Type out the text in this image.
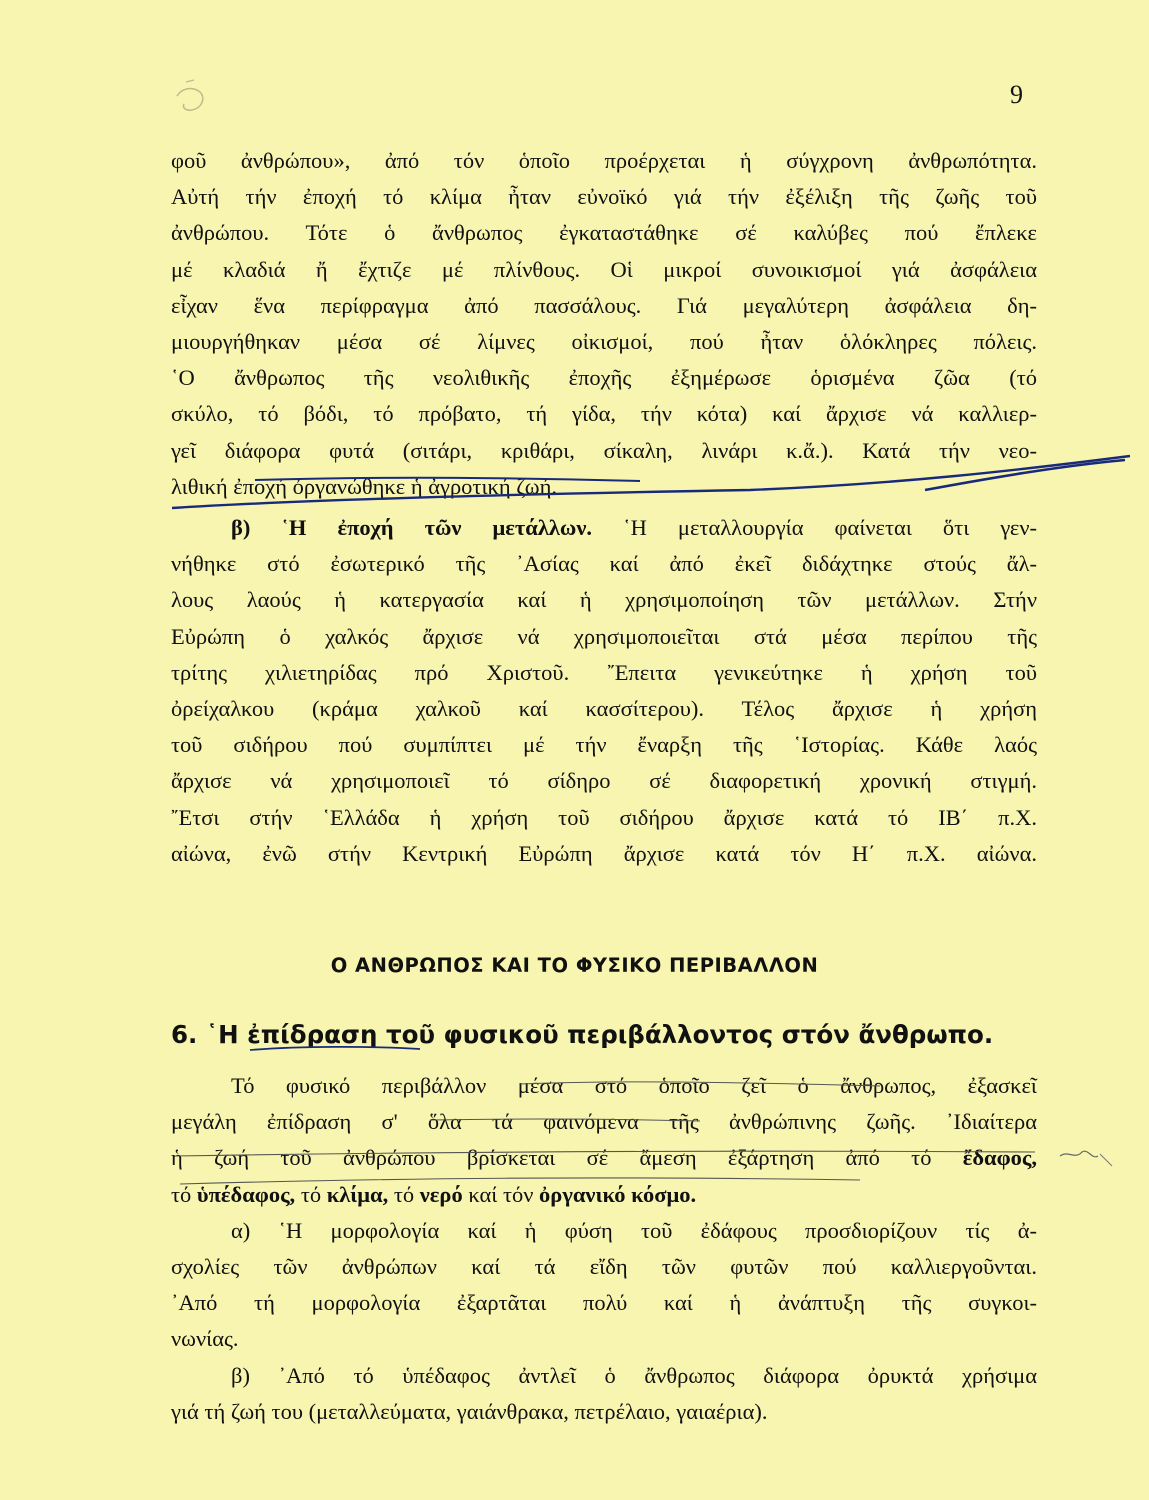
9
φοῦ ἀνθρώπου», ἀπό τόν ὁποῖο προέρχεται ἡ σύγχρονη ἀνθρωπότητα.
Αὐτή τήν ἐποχή τό κλίμα ἦταν εὐνοϊκό γιά τήν ἐξέλιξη τῆς ζωῆς τοῦ
ἀνθρώπου. Τότε ὁ ἄνθρωπος ἐγκαταστάθηκε σέ καλύβες πού ἔπλεκε
μέ κλαδιά ἤ ἔχτιζε μέ πλίνθους. Οἱ μικροί συνοικισμοί γιά ἀσφάλεια
εἶχαν ἕνα περίφραγμα ἀπό πασσάλους. Γιά μεγαλύτερη ἀσφάλεια δη-
μιουργήθηκαν μέσα σέ λίμνες οἰκισμοί, πού ἦταν ὁλόκληρες πόλεις.
῾Ο ἄνθρωπος τῆς νεολιθικῆς ἐποχῆς ἐξημέρωσε ὁρισμένα ζῶα (τό
σκύλο, τό βόδι, τό πρόβατο, τή γίδα, τήν κότα) καί ἄρχισε νά καλλιερ-
γεῖ διάφορα φυτά (σιτάρι, κριθάρι, σίκαλη, λινάρι κ.ἄ.). Κατά τήν νεο-
λιθική ἐποχή ὀργανώθηκε ἡ ἀγροτική ζωή.
β) ῾Η ἐποχή τῶν μετάλλων. ῾Η μεταλλουργία φαίνεται ὅτι γεν-
νήθηκε στό ἐσωτερικό τῆς ᾿Ασίας καί ἀπό ἐκεῖ διδάχτηκε στούς ἄλ-
λους λαούς ἡ κατεργασία καί ἡ χρησιμοποίηση τῶν μετάλλων. Στήν
Εὐρώπη ὁ χαλκός ἄρχισε νά χρησιμοποιεῖται στά μέσα περίπου τῆς
τρίτης χιλιετηρίδας πρό Χριστοῦ. ῎Επειτα γενικεύτηκε ἡ χρήση τοῦ
ὀρείχαλκου (κράμα χαλκοῦ καί κασσίτερου). Τέλος ἄρχισε ἡ χρήση
τοῦ σιδήρου πού συμπίπτει μέ τήν ἔναρξη τῆς ῾Ιστορίας. Κάθε λαός
ἄρχισε νά χρησιμοποιεῖ τό σίδηρο σέ διαφορετική χρονική στιγμή.
῎Ετσι στήν ῾Ελλάδα ἡ χρήση τοῦ σιδήρου ἄρχισε κατά τό ΙΒ΄ π.Χ.
αἰώνα, ἐνῶ στήν Κεντρική Εὐρώπη ἄρχισε κατά τόν Η΄ π.Χ. αἰώνα.
Ο ΑΝΘΡΩΠΟΣ ΚΑΙ ΤΟ ΦΥΣΙΚΟ ΠΕΡΙΒΑΛΛΟΝ
6. ῾Η ἐπίδραση τοῦ φυσικοῦ περιβάλλοντος στόν ἄνθρωπο.
Τό φυσικό περιβάλλον μέσα στό ὁποῖο ζεῖ ὁ ἄνθρωπος, ἐξασκεῖ
μεγάλη ἐπίδραση σ' ὅλα τά φαινόμενα τῆς ἀνθρώπινης ζωῆς. ᾿Ιδιαίτερα
ἡ ζωή τοῦ ἀνθρώπου βρίσκεται σέ ἄμεση ἐξάρτηση ἀπό τό ἔδαφος,
τό ὑπέδαφος, τό κλίμα, τό νερό καί τόν ὀργανικό κόσμο.
α) ῾Η μορφολογία καί ἡ φύση τοῦ ἐδάφους προσδιορίζουν τίς ἀ-
σχολίες τῶν ἀνθρώπων καί τά εἴδη τῶν φυτῶν πού καλλιεργοῦνται.
᾿Από τή μορφολογία ἐξαρτᾶται πολύ καί ἡ ἀνάπτυξη τῆς συγκοι-
νωνίας.
β) ᾿Από τό ὑπέδαφος ἀντλεῖ ὁ ἄνθρωπος διάφορα ὀρυκτά χρήσιμα
γιά τή ζωή του (μεταλλεύματα, γαιάνθρακα, πετρέλαιο, γαιαέρια).
